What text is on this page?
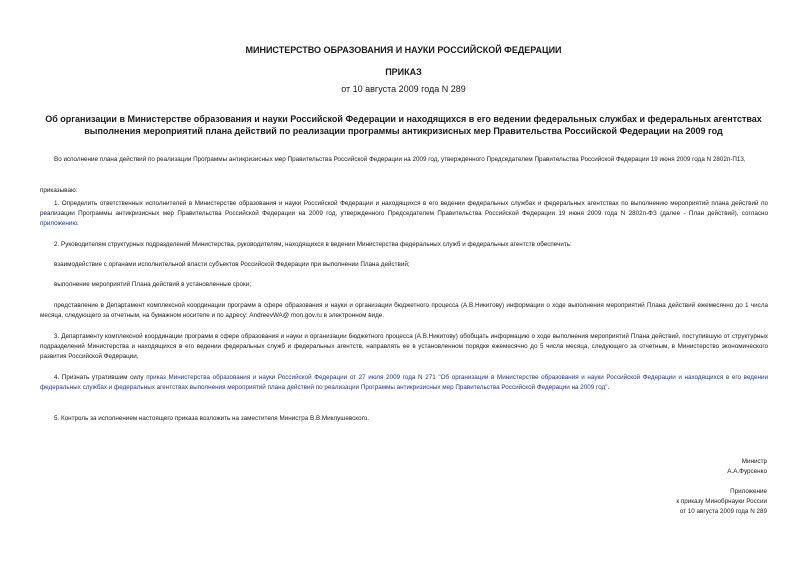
МИНИСТЕРСТВО ОБРАЗОВАНИЯ И НАУКИ РОССИЙСКОЙ ФЕДЕРАЦИИ
ПРИКАЗ
от 10 августа 2009 года N 289
Об организации в Министерстве образования и науки Российской Федерации и находящихся в его ведении федеральных службах и федеральных агентствах выполнения мероприятий плана действий по реализации программы антикризисных мер Правительства Российской Федерации на 2009 год

Во исполнение плана действий по реализации Программы антикризисных мер Правительства Российской Федерации на 2009 год, утвержденного Председателем Правительства Российской Федерации 19 июня 2009 года N 2802п-П13,

приказываю:

1. Определить ответственных исполнителей в Министерстве образования и науки Российской Федерации и находящихся в его ведении федеральных службах и федеральных агентствах по выполнению мероприятий плана действий по реализации Программы антикризисных мер Правительства Российской Федерации на 2009 год, утвержденного Председателем Правительства Российской Федерации 19 июня 2009 года N 2802п-ФЗ (далее - План действий), согласно приложению.

2. Руководителям структурных подразделений Министерства, руководителям, находящихся в ведении Министерства федеральных служб и федеральных агентств обеспечить:

взаимодействие с органами исполнительной власти субъектов Российской Федерации при выполнении Плана действий;

выполнение мероприятий Плана действий в установленные сроки;

представление в Департамент комплексной координации программ в сфере образования и науки и организации бюджетного процесса (А.В.Никитову) информации о ходе выполнения мероприятий Плана действий ежемесячно до 1 числа месяца, следующего за отчетным, на бумажном носителе и по адресу: AndreevWA@ mon.gov.ru в электронном виде.

3. Департаменту комплексной координации программ в сфере образования и науки и организации бюджетного процесса (А.В.Никитову) обобщать информацию о ходе выполнения мероприятий Плана действий, поступившую от структурных подразделений Министерства и находящихся в его ведении федеральных служб и федеральных агентств, направлять ее в установленном порядке ежемесячно до 5 числа месяца, следующего за отчетным, в Министерство экономического развития Российской Федерации.

4. Признать утратившим силу приказ Министерства образования и науки Российской Федерации от 27 июля 2009 года N 271 "Об организации в Министерстве образования и науки Российской Федерации и находящихся в его ведении федеральных службах и федеральных агентствах выполнения мероприятий плана действий по реализации Программы антикризисных мер Правительства Российской Федерации на 2009 год".

5. Контроль за исполнением настоящего приказа возложить на заместителя Министра В.В.Миклушевского.

Министр
А.А.Фурсенко
Приложение
к приказу Минобрнауки России
от 10 августа 2009 года N 289
